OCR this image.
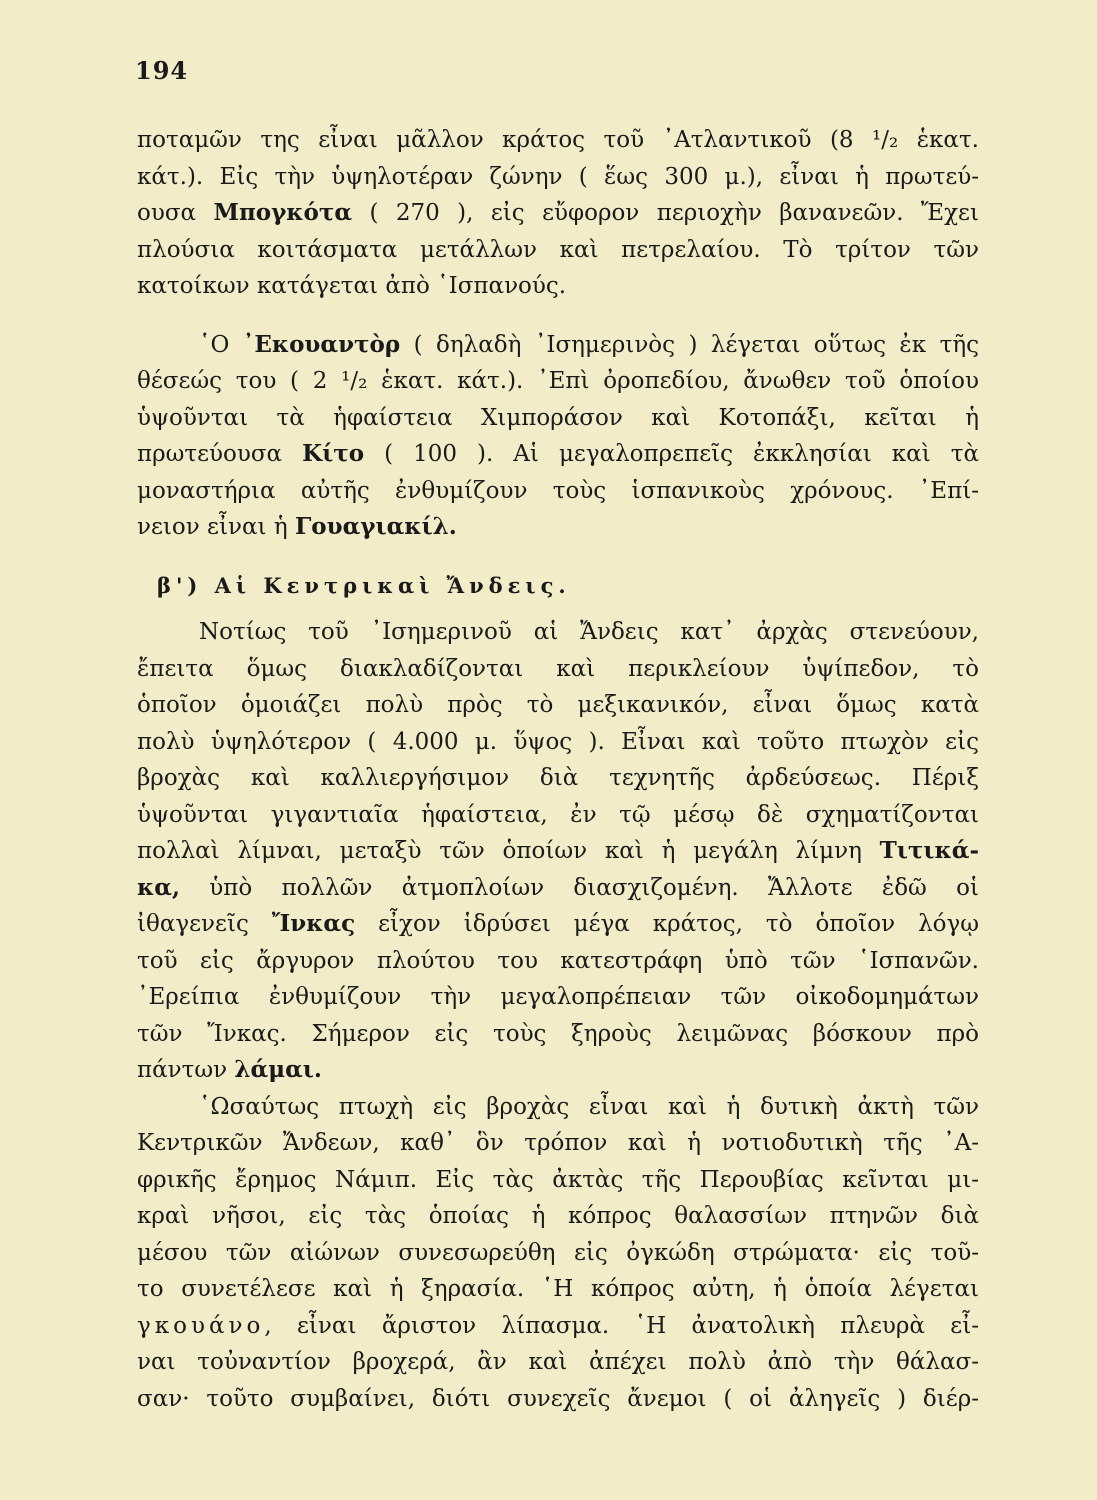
194

ποταμῶν της εἶναι μᾶλλον κράτος τοῦ ᾿Ατλαντικοῦ (8 ¹/₂ ἑκατ.
κάτ.). Εἰς τὴν ὑψηλοτέραν ζώνην ( ἕως 300 μ.), εἶναι ἡ πρωτεύ-
ουσα Μπογκότα ( 270 ), εἰς εὔφορον περιοχὴν βανανεῶν. Ἔχει
πλούσια κοιτάσματα μετάλλων καὶ πετρελαίου. Τὸ τρίτον τῶν
κατοίκων κατάγεται ἀπὸ ῾Ισπανούς.

῾Ο ᾿Εκουαντὸρ ( δηλαδὴ ᾿Ισημερινὸς ) λέγεται οὕτως ἐκ τῆς
θέσεώς του ( 2 ¹/₂ ἑκατ. κάτ.). ᾿Επὶ ὀροπεδίου, ἄνωθεν τοῦ ὁποίου
ὑψοῦνται τὰ ἡφαίστεια Χιμποράσον καὶ Κοτοπάξι, κεῖται ἡ
πρωτεύουσα Κίτο ( 100 ). Αἱ μεγαλοπρεπεῖς ἐκκλησίαι καὶ τὰ
μοναστήρια αὐτῆς ἐνθυμίζουν τοὺς ἱσπανικοὺς χρόνους. ᾿Επί-
νειον εἶναι ἡ Γουαγιακίλ.

β') Αἱ Κεντρικαὶ Ἄνδεις.

Νοτίως τοῦ ᾿Ισημερινοῦ αἱ Ἄνδεις κατ᾿ ἀρχὰς στενεύουν,
ἔπειτα ὅμως διακλαδίζονται καὶ περικλείουν ὑψίπεδον, τὸ
ὁποῖον ὁμοιάζει πολὺ πρὸς τὸ μεξικανικόν, εἶναι ὅμως κατὰ
πολὺ ὑψηλότερον ( 4.000 μ. ὕψος ). Εἶναι καὶ τοῦτο πτωχὸν εἰς
βροχὰς καὶ καλλιεργήσιμον διὰ τεχνητῆς ἀρδεύσεως. Πέριξ
ὑψοῦνται γιγαντιαῖα ἡφαίστεια, ἐν τῷ μέσῳ δὲ σχηματίζονται
πολλαὶ λίμναι, μεταξὺ τῶν ὁποίων καὶ ἡ μεγάλη λίμνη Τιτικά-
κα, ὑπὸ πολλῶν ἀτμοπλοίων διασχιζομένη. Ἄλλοτε ἐδῶ οἱ
ἰθαγενεῖς Ἴνκας εἶχον ἱδρύσει μέγα κράτος, τὸ ὁποῖον λόγῳ
τοῦ εἰς ἄργυρον πλούτου του κατεστράφη ὑπὸ τῶν ῾Ισπανῶν.
᾿Ερείπια ἐνθυμίζουν τὴν μεγαλοπρέπειαν τῶν οἰκοδομημάτων
τῶν Ἴνκας. Σήμερον εἰς τοὺς ξηροὺς λειμῶνας βόσκουν πρὸ
πάντων λάμαι.

῾Ωσαύτως πτωχὴ εἰς βροχὰς εἶναι καὶ ἡ δυτικὴ ἀκτὴ τῶν
Κεντρικῶν Ἄνδεων, καθ᾿ ὃν τρόπον καὶ ἡ νοτιοδυτικὴ τῆς ᾿Α-
φρικῆς ἔρημος Νάμιπ. Εἰς τὰς ἀκτὰς τῆς Περουβίας κεῖνται μι-
κραὶ νῆσοι, εἰς τὰς ὁποίας ἡ κόπρος θαλασσίων πτηνῶν διὰ
μέσου τῶν αἰώνων συνεσωρεύθη εἰς ὀγκώδη στρώματα· εἰς τοῦ-
το συνετέλεσε καὶ ἡ ξηρασία. ῾Η κόπρος αὐτη, ἡ ὁποία λέγεται
γκουάνο, εἶναι ἄριστον λίπασμα. ῾Η ἀνατολικὴ πλευρὰ εἶ-
ναι τοὐναντίον βροχερά, ἂν καὶ ἀπέχει πολὺ ἀπὸ τὴν θάλασ-
σαν· τοῦτο συμβαίνει, διότι συνεχεῖς ἄνεμοι ( οἱ ἀληγεῖς ) διέρ-
